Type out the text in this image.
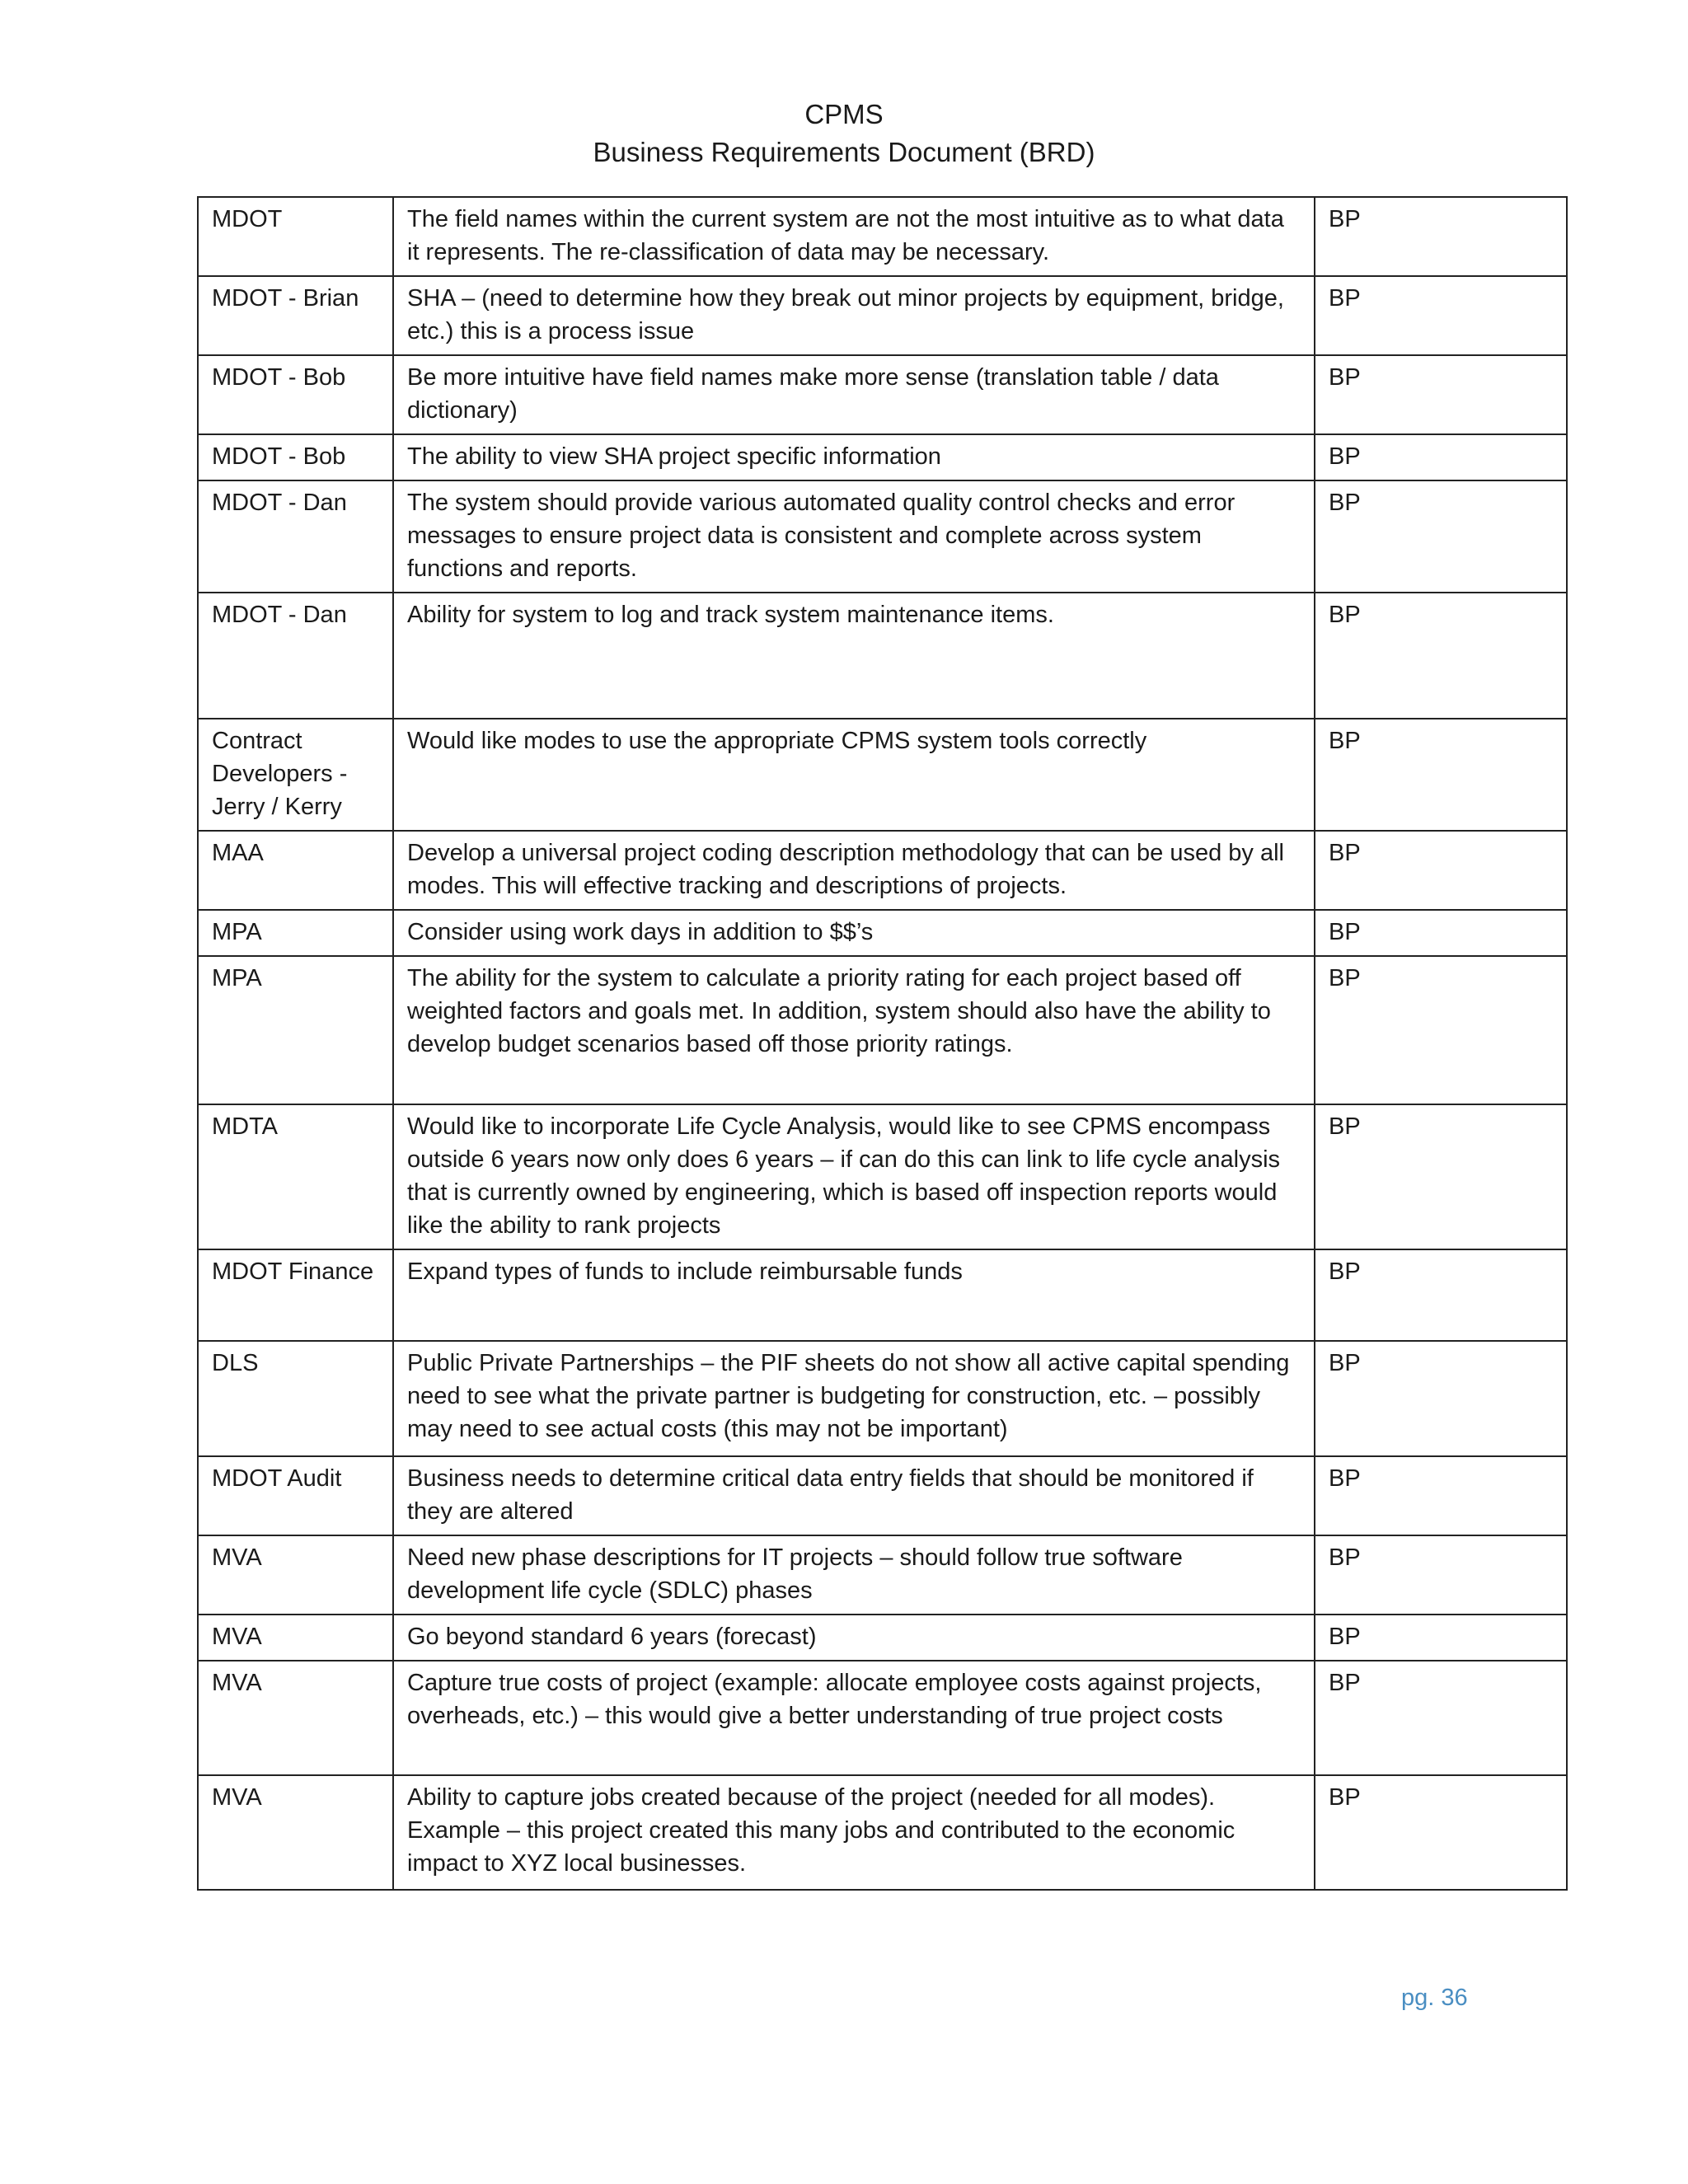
CPMS
Business Requirements Document (BRD)
MDOT	The field names within the current system are not the most intuitive as to what data it represents. The re-classification of data may be necessary.	BP
MDOT - Brian	SHA – (need to determine how they break out minor projects by equipment, bridge, etc.) this is a process issue	BP
MDOT - Bob	Be more intuitive have field names make more sense (translation table / data dictionary)	BP
MDOT - Bob	The ability to view SHA project specific information	BP
MDOT - Dan	The system should provide various automated quality control checks and error messages to ensure project data is consistent and complete across system functions and reports.	BP
MDOT - Dan	Ability for system to log and track system maintenance items.	BP
Contract Developers - Jerry / Kerry	Would like modes to use the appropriate CPMS system tools correctly	BP
MAA	Develop a universal project coding description methodology that can be used by all modes. This will effective tracking and descriptions of projects.	BP
MPA	Consider using work days in addition to $$’s	BP
MPA	The ability for the system to calculate a priority rating for each project based off weighted factors and goals met. In addition, system should also have the ability to develop budget scenarios based off those priority ratings.	BP
MDTA	Would like to incorporate Life Cycle Analysis, would like to see CPMS encompass outside 6 years now only does 6 years – if can do this can link to life cycle analysis that is currently owned by engineering, which is based off inspection reports would like the ability to rank projects	BP
MDOT Finance	Expand types of funds to include reimbursable funds	BP
DLS	Public Private Partnerships – the PIF sheets do not show all active capital spending need to see what the private partner is budgeting for construction, etc. – possibly may need to see actual costs (this may not be important)	BP
MDOT Audit	Business needs to determine critical data entry fields that should be monitored if they are altered	BP
MVA	Need new phase descriptions for IT projects – should follow true software development life cycle (SDLC) phases	BP
MVA	Go beyond standard 6 years (forecast)	BP
MVA	Capture true costs of project (example: allocate employee costs against projects, overheads, etc.) – this would give a better understanding of true project costs	BP
MVA	Ability to capture jobs created because of the project (needed for all modes). Example – this project created this many jobs and contributed to the economic impact to XYZ local businesses.	BP
pg. 36
